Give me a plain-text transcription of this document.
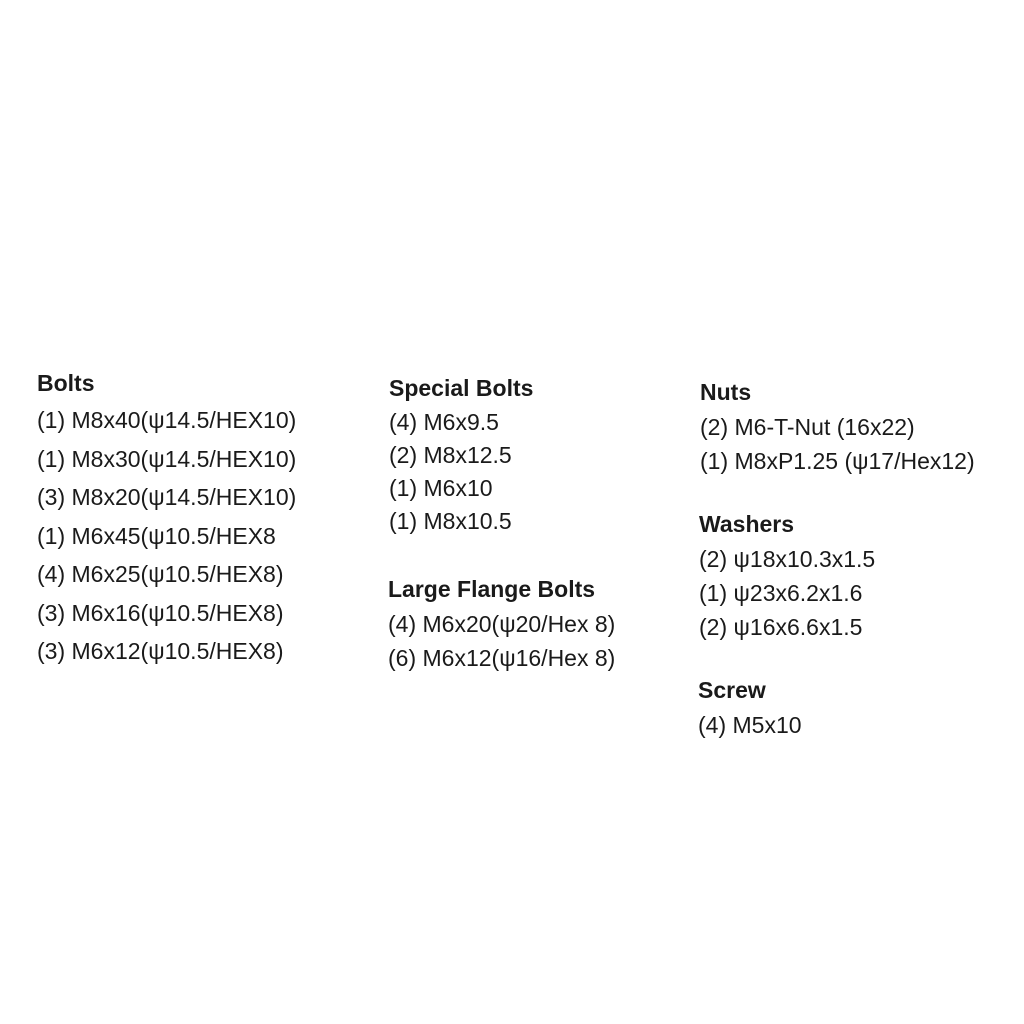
Bolts
(1) M8x40(ψ14.5/HEX10)
(1) M8x30(ψ14.5/HEX10)
(3) M8x20(ψ14.5/HEX10)
(1) M6x45(ψ10.5/HEX8
(4) M6x25(ψ10.5/HEX8)
(3) M6x16(ψ10.5/HEX8)
(3) M6x12(ψ10.5/HEX8)
Special Bolts
(4) M6x9.5
(2) M8x12.5
(1) M6x10
(1) M8x10.5
Large Flange Bolts
(4) M6x20(ψ20/Hex 8)
(6) M6x12(ψ16/Hex 8)
Nuts
(2) M6-T-Nut (16x22)
(1) M8xP1.25 (ψ17/Hex12)
Washers
(2) ψ18x10.3x1.5
(1) ψ23x6.2x1.6
(2) ψ16x6.6x1.5
Screw
(4) M5x10
